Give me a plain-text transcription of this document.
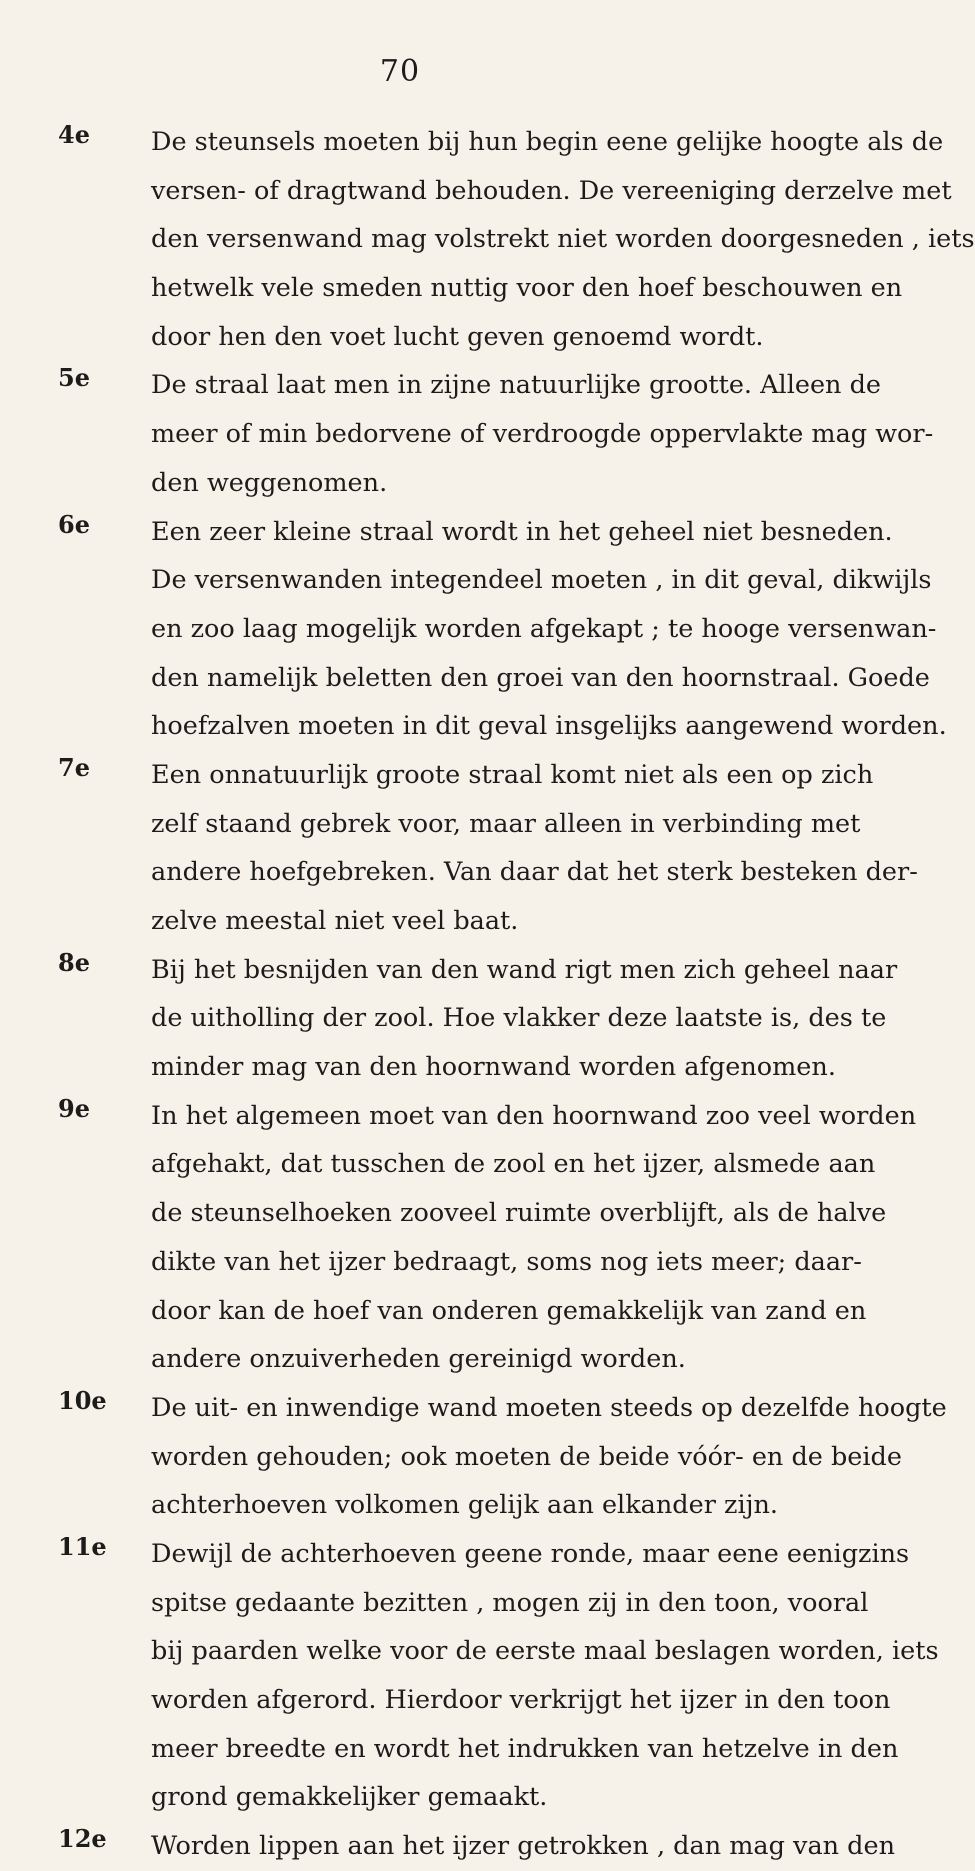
70
4e	De steunsels moeten bij hun begin eene gelijke hoogte als de
versen- of dragtwand behouden. De vereeniging derzelve met
den versenwand mag volstrekt niet worden doorgesneden , iets
hetwelk vele smeden nuttig voor den hoef beschouwen en
door hen den voet lucht geven genoemd wordt.
5e	De straal laat men in zijne natuurlijke grootte. Alleen de
meer of min bedorvene of verdroogde oppervlakte mag wor-
den weggenomen.
6e	Een zeer kleine straal wordt in het geheel niet besneden.
De versenwanden integendeel moeten , in dit geval, dikwijls
en zoo laag mogelijk worden afgekapt ; te hooge versenwan-
den namelijk beletten den groei van den hoornstraal. Goede
hoefzalven moeten in dit geval insgelijks aangewend worden.
7e	Een onnatuurlijk groote straal komt niet als een op zich
zelf staand gebrek voor, maar alleen in verbinding met
andere hoefgebreken. Van daar dat het sterk besteken der-
zelve meestal niet veel baat.
8e	Bij het besnijden van den wand rigt men zich geheel naar
de uitholling der zool. Hoe vlakker deze laatste is, des te
minder mag van den hoornwand worden afgenomen.
9e	In het algemeen moet van den hoornwand zoo veel worden
afgehakt, dat tusschen de zool en het ijzer, alsmede aan
de steunselhoeken zooveel ruimte overblijft, als de halve
dikte van het ijzer bedraagt, soms nog iets meer; daar-
door kan de hoef van onderen gemakkelijk van zand en
andere onzuiverheden gereinigd worden.
10e	De uit- en inwendige wand moeten steeds op dezelfde hoogte
worden gehouden; ook moeten de beide vóór- en de beide
achterhoeven volkomen gelijk aan elkander zijn.
11e	Dewijl de achterhoeven geene ronde, maar eene eenigzins
spitse gedaante bezitten , mogen zij in den toon, vooral
bij paarden welke voor de eerste maal beslagen worden, iets
worden afgerord. Hierdoor verkrijgt het ijzer in den toon
meer breedte en wordt het indrukken van hetzelve in den
grond gemakkelijker gemaakt.
12e	Worden lippen aan het ijzer getrokken , dan mag van den
